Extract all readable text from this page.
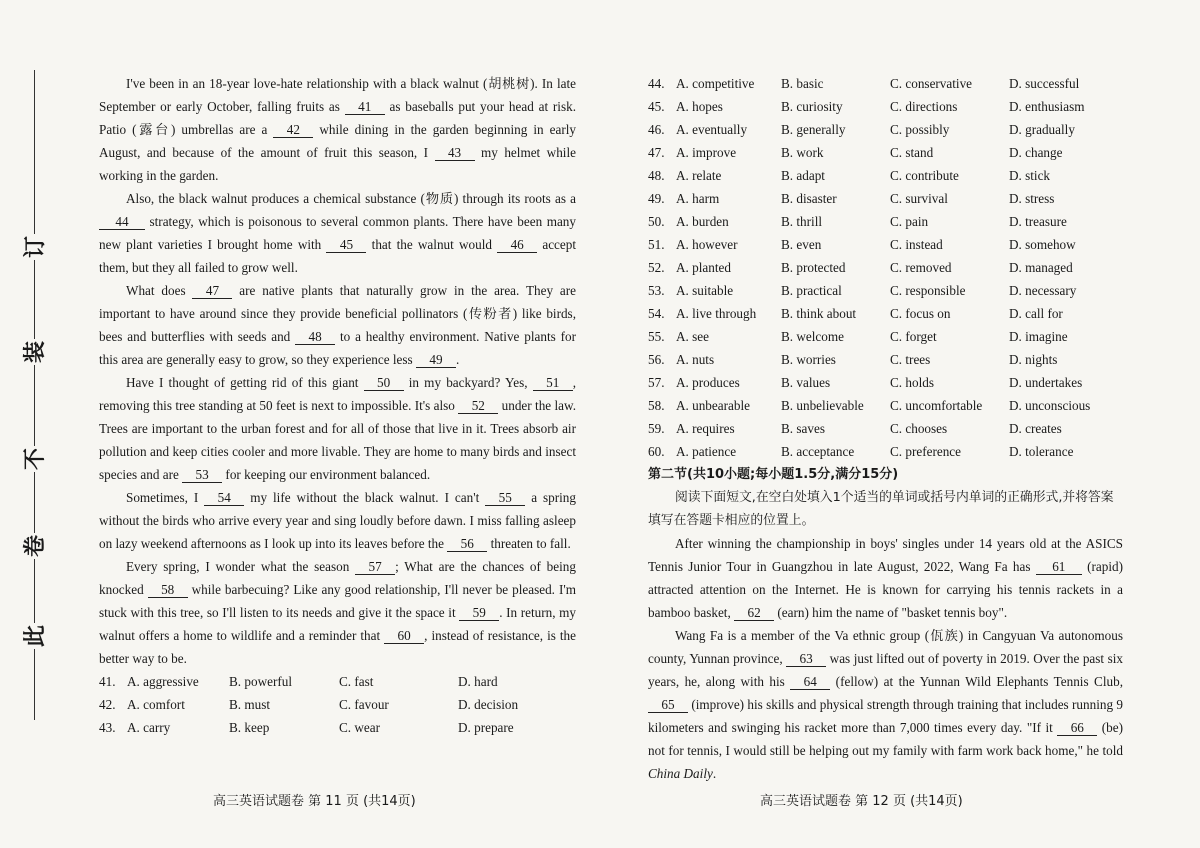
此
卷
不
装
订

I've been in an 18-year love-hate relationship with a black walnut (胡桃树). In late September or early October, falling fruits as 41 as baseballs put your head at risk. Patio (露台) umbrellas are a 42 while dining in the garden beginning in early August, and because of the amount of fruit this season, I 43 my helmet while working in the garden.

Also, the black walnut produces a chemical substance (物质) through its roots as a 44 strategy, which is poisonous to several common plants. There have been many new plant varieties I brought home with 45 that the walnut would 46 accept them, but they all failed to grow well.

What does 47 are native plants that naturally grow in the area. They are important to have around since they provide beneficial pollinators (传粉者) like birds, bees and butterflies with seeds and 48 to a healthy environment. Native plants for this area are generally easy to grow, so they experience less 49 .

Have I thought of getting rid of this giant 50 in my backyard? Yes, 51 , removing this tree standing at 50 feet is next to impossible. It's also 52 under the law. Trees are important to the urban forest and for all of those that live in it. Trees absorb air pollution and keep cities cooler and more livable. They are home to many birds and insect species and are 53 for keeping our environment balanced.

Sometimes, I 54 my life without the black walnut. I can't 55 a spring without the birds who arrive every year and sing loudly before dawn. I miss falling asleep on lazy weekend afternoons as I look up into its leaves before the 56 threaten to fall.

Every spring, I wonder what the season 57 ; What are the chances of being knocked 58 while barbecuing? Like any good relationship, I'll never be pleased. I'm stuck with this tree, so I'll listen to its needs and give it the space it 59 . In return, my walnut offers a home to wildlife and a reminder that 60 , instead of resistance, is the better way to be.

41. A. aggressive	B. powerful	C. fast	D. hard
42. A. comfort	B. must	C. favour	D. decision
43. A. carry	B. keep	C. wear	D. prepare
44. A. competitive	B. basic	C. conservative	D. successful
45. A. hopes	B. curiosity	C. directions	D. enthusiasm
46. A. eventually	B. generally	C. possibly	D. gradually
47. A. improve	B. work	C. stand	D. change
48. A. relate	B. adapt	C. contribute	D. stick
49. A. harm	B. disaster	C. survival	D. stress
50. A. burden	B. thrill	C. pain	D. treasure
51. A. however	B. even	C. instead	D. somehow
52. A. planted	B. protected	C. removed	D. managed
53. A. suitable	B. practical	C. responsible	D. necessary
54. A. live through	B. think about	C. focus on	D. call for
55. A. see	B. welcome	C. forget	D. imagine
56. A. nuts	B. worries	C. trees	D. nights
57. A. produces	B. values	C. holds	D. undertakes
58. A. unbearable	B. unbelievable	C. uncomfortable	D. unconscious
59. A. requires	B. saves	C. chooses	D. creates
60. A. patience	B. acceptance	C. preference	D. tolerance

第二节(共10小题;每小题1.5分,满分15分)

阅读下面短文,在空白处填入1个适当的单词或括号内单词的正确形式,并将答案填写在答题卡相应的位置上。

After winning the championship in boys' singles under 14 years old at the ASICS Tennis Junior Tour in Guangzhou in late August, 2022, Wang Fa has 61 (rapid) attracted attention on the Internet. He is known for carrying his tennis rackets in a bamboo basket, 62 (earn) him the name of "basket tennis boy".

Wang Fa is a member of the Va ethnic group (佤族) in Cangyuan Va autonomous county, Yunnan province, 63 was just lifted out of poverty in 2019. Over the past six years, he, along with his 64 (fellow) at the Yunnan Wild Elephants Tennis Club, 65 (improve) his skills and physical strength through training that includes running 9 kilometers and swinging his racket more than 7,000 times every day. "If it 66 (be) not for tennis, I would still be helping out my family with farm work back home," he told China Daily.

高三英语试题卷 第 11 页 (共14页)	高三英语试题卷 第 12 页 (共14页)
